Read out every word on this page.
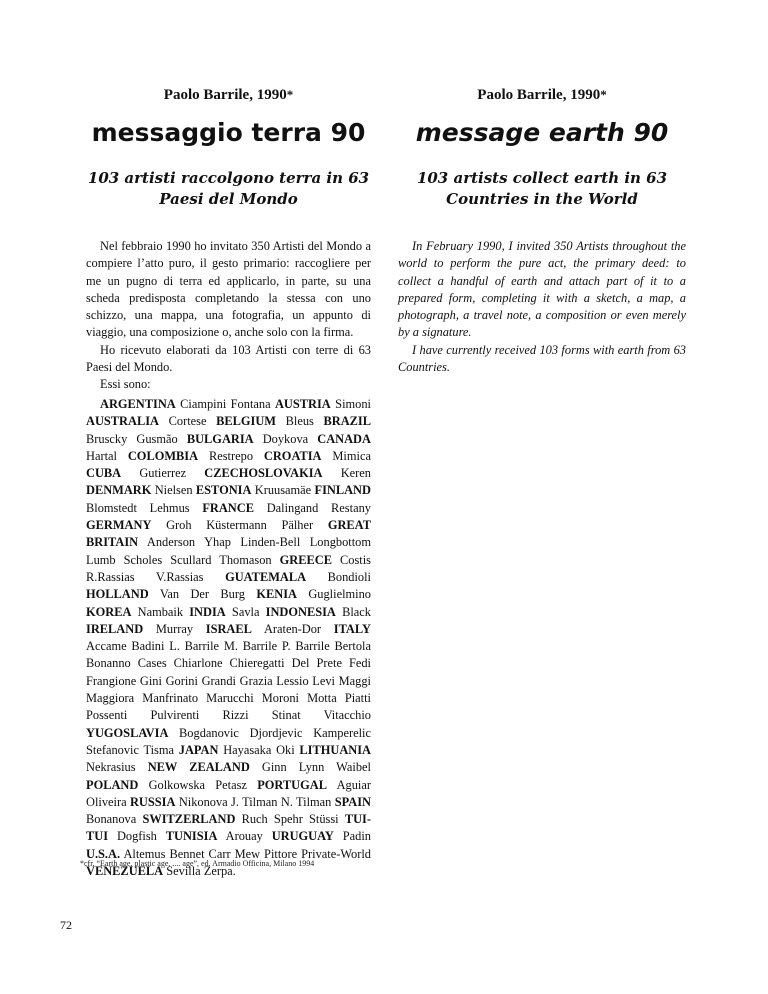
Paolo Barrile, 1990*
messaggio terra 90
103 artisti raccolgono terra in 63
Paesi del Mondo

Nel febbraio 1990 ho invitato 350 Artisti del Mondo a compiere l’atto puro, il gesto primario: raccogliere per me un pugno di terra ed applicarlo, in parte, su una scheda predisposta completando la stessa con uno schizzo, una mappa, una fotografia, un appunto di viaggio, una composizione o, anche solo con la firma.

Ho ricevuto elaborati da 103 Artisti con terre di 63 Paesi del Mondo.

Essi sono:

ARGENTINA Ciampini Fontana AUSTRIA Simoni AUSTRALIA Cortese BELGIUM Bleus BRAZIL Bruscky Gusmão BULGARIA Doykova CANADA Hartal COLOMBIA Restrepo CROATIA Mimica CUBA Gutierrez CZECHOSLOVAKIA Keren DENMARK Nielsen ESTONIA Kruusamäe FINLAND Blomstedt Lehmus FRANCE Dalingand Restany GERMANY Groh Küstermann Pälher GREAT BRITAIN Anderson Yhap Linden-Bell Longbottom Lumb Scholes Scullard Thomason GREECE Costis R.Rassias V.Rassias GUATEMALA Bondioli HOLLAND Van Der Burg KENIA Guglielmino KOREA Nambaik INDIA Savla INDONESIA Black IRELAND Murray ISRAEL Araten-Dor ITALY Accame Badini L. Barrile M. Barrile P. Barrile Bertola Bonanno Cases Chiarlone Chieregatti Del Prete Fedi Frangione Gini Gorini Grandi Grazia Lessio Levi Maggi Maggiora Manfrinato Marucchi Moroni Motta Piatti Possenti Pulvirenti Rizzi Stinat Vitacchio YUGOSLAVIA Bogdanovic Djordjevic Kamperelic Stefanovic Tisma JAPAN Hayasaka Oki LITHUANIA Nekrasius NEW ZEALAND Ginn Lynn Waibel POLAND Golkowska Petasz PORTUGAL Aguiar Oliveira RUSSIA Nikonova J. Tilman N. Tilman SPAIN Bonanova SWITZERLAND Ruch Spehr Stüssi TUI-TUI Dogfish TUNISIA Arouay URUGUAY Padin U.S.A. Altemus Bennet Carr Mew Pittore Private-World VENEZUELA Sevilla Zerpa.

Paolo Barrile, 1990*
message earth 90
103 artists collect earth in 63
Countries in the World

In February 1990, I invited 350 Artists throughout the world to perform the pure act, the primary deed: to collect a handful of earth and attach part of it to a prepared form, completing it with a sketch, a map, a photograph, a travel note, a composition or even merely by a signature.

I have currently received 103 forms with earth from 63 Countries.

*cfr. “Earth age, plastic age, .... age”, ed. Armadio Officina, Milano 1994
72
